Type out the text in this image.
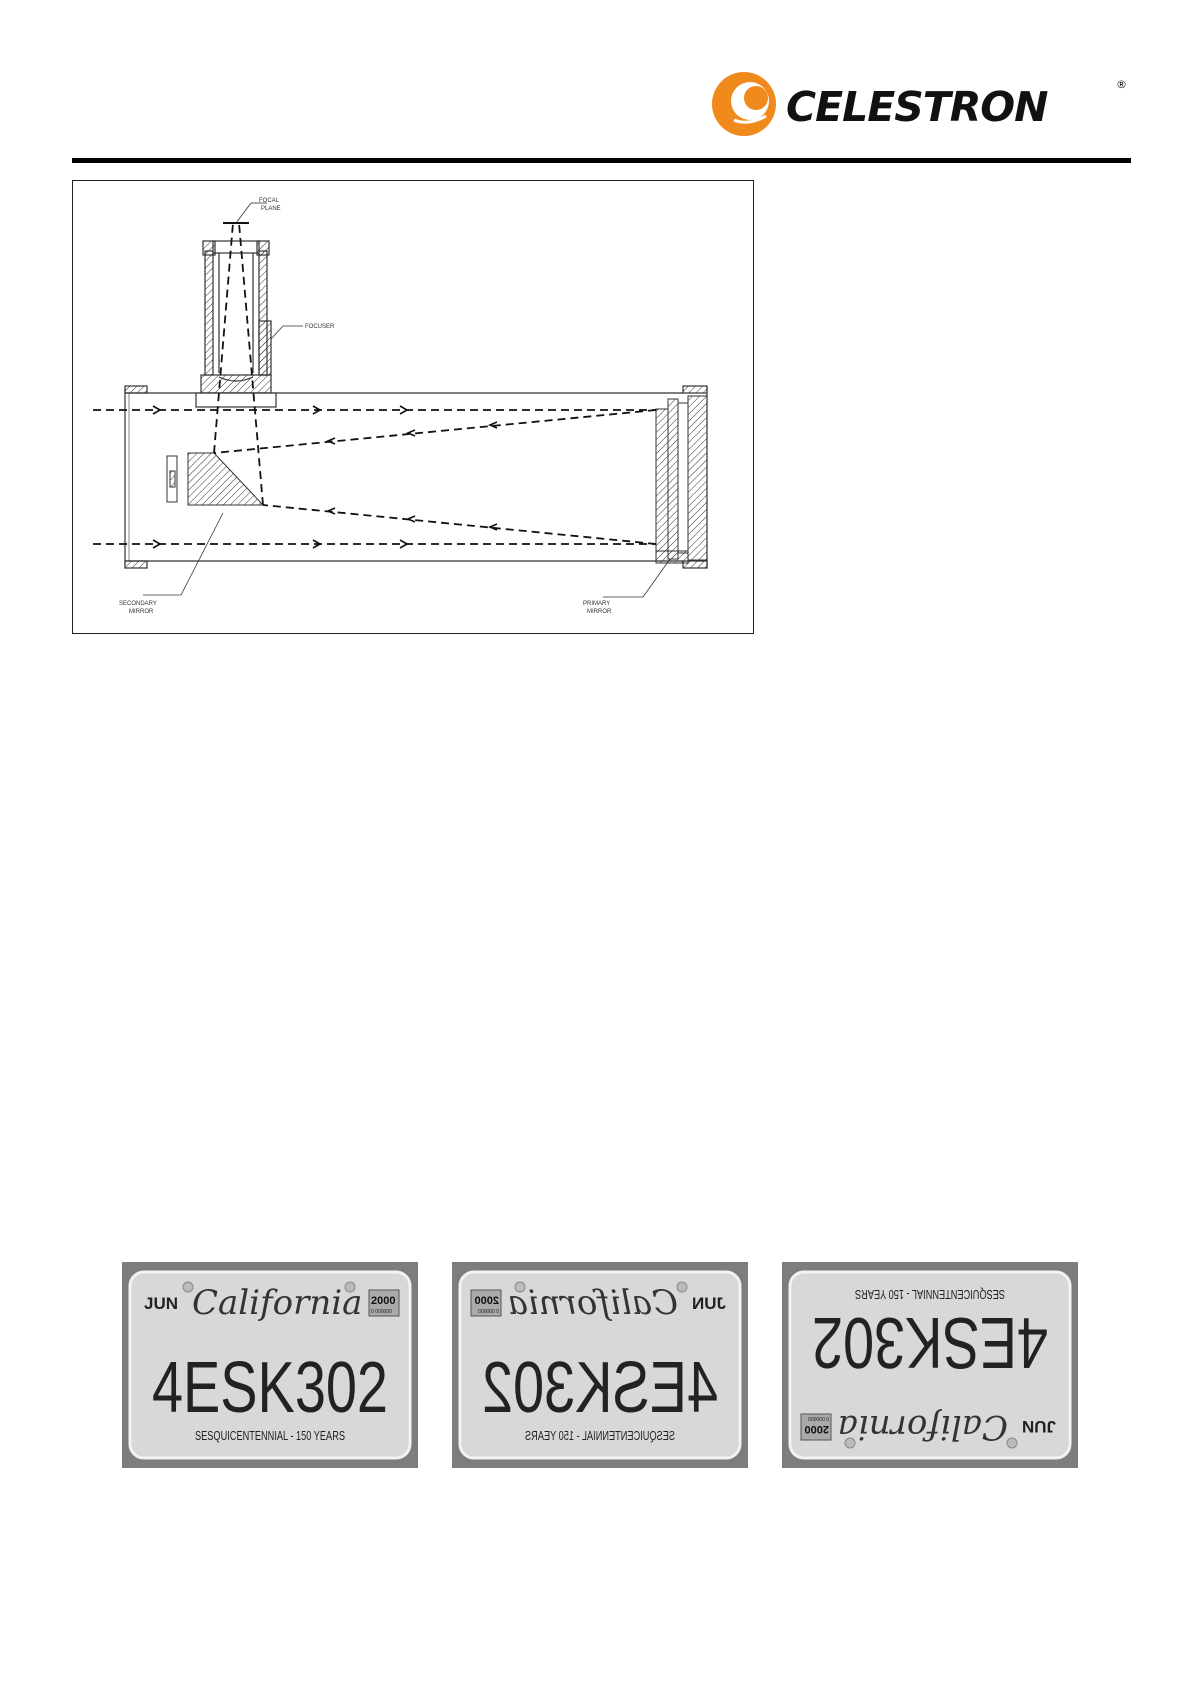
CELESTRON	®
FOCAL
PLANE
FOCUSER
SECONDARY
MIRROR
PRIMARY
MIRROR
JUN California 2000
0 000000
4ESK302
SESQUICENTENNIAL - 150 YEARS
JUN
California
2000
0 000000
4ESK302
SESQUICENTENNIAL - 150 YEARS	JUN
California
2000
0 000000
4ESK302
SESQUICENTENNIAL - 150 YEARS
